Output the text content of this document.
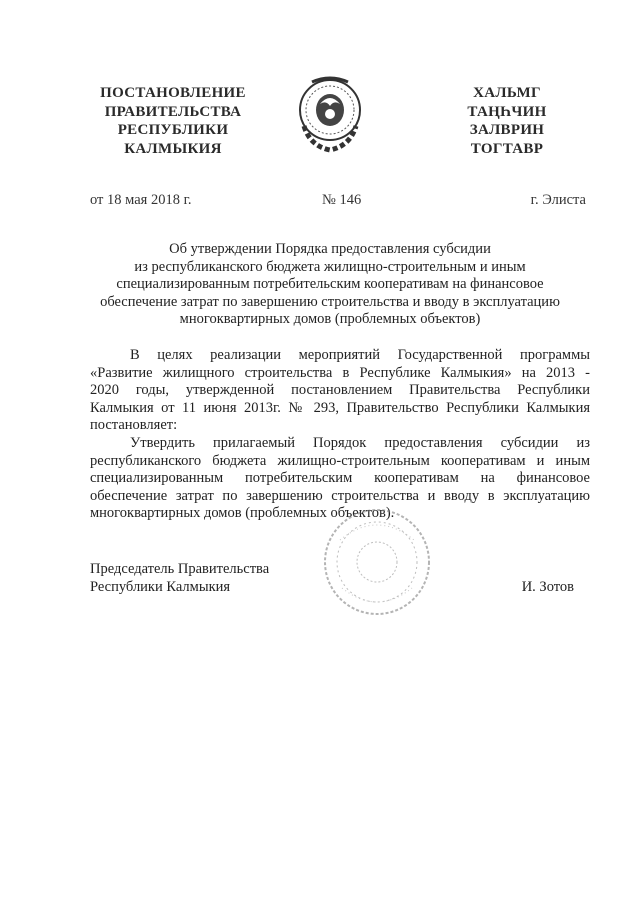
ПОСТАНОВЛЕНИЕ
ПРАВИТЕЛЬСТВА
РЕСПУБЛИКИ
КАЛМЫКИЯ
ХАЛЬМГ
ТАҢҺЧИН
ЗАЛВРИН
ТОГТАВР
от 18 мая 2018 г.	№ 146	г. Элиста
Об утверждении Порядка предоставления субсидии
из республиканского бюджета жилищно-строительным и иным
специализированным потребительским кооперативам на финансовое
обеспечение затрат по завершению строительства и вводу в эксплуатацию
многоквартирных домов (проблемных объектов)
В целях реализации мероприятий Государственной программы
«Развитие жилищного строительства в Республике Калмыкия» на 2013 -
2020 годы, утвержденной постановлением Правительства Республики
Калмыкия от 11 июня 2013г. № 293, Правительство Республики Калмыкия
постановляет:
Утвердить прилагаемый Порядок предоставления субсидии из
республиканского бюджета жилищно-строительным кооперативам и иным
специализированным потребительским кооперативам на финансовое
обеспечение затрат по завершению строительства и вводу в эксплуатацию
многоквартирных домов (проблемных объектов).
Председатель Правительства
Республики Калмыкия	И. Зотов
